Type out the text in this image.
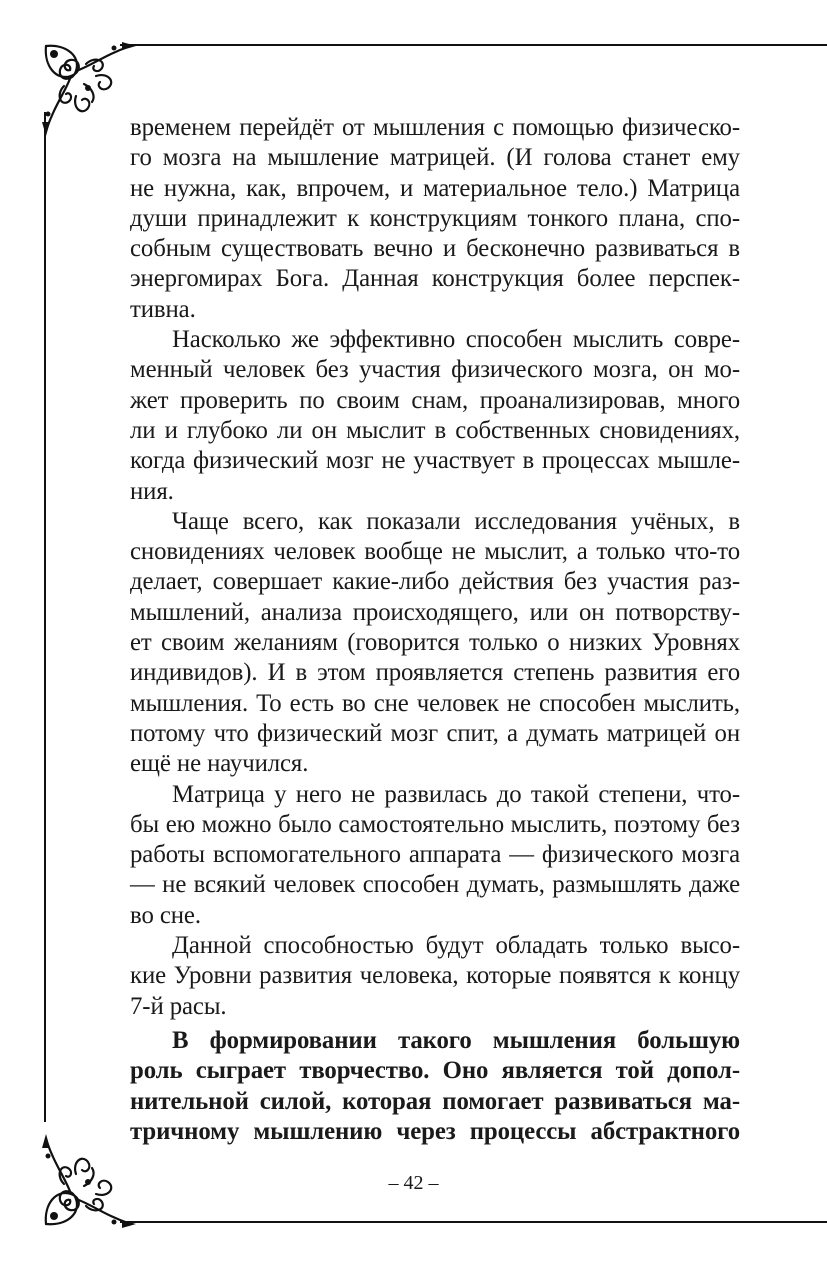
временем перейдёт от мышления с помощью физическо-
го мозга на мышление матрицей. (И голова станет ему
не нужна, как, впрочем, и материальное тело.) Матрица
души принадлежит к конструкциям тонкого плана, спо-
собным существовать вечно и бесконечно развиваться в
энергомирах Бога. Данная конструкция более перспек-
тивна.

Насколько же эффективно способен мыслить совре-
менный человек без участия физического мозга, он мо-
жет проверить по своим снам, проанализировав, много
ли и глубоко ли он мыслит в собственных сновидениях,
когда физический мозг не участвует в процессах мышле-
ния.

Чаще всего, как показали исследования учёных, в
сновидениях человек вообще не мыслит, а только что-то
делает, совершает какие-либо действия без участия раз-
мышлений, анализа происходящего, или он потворству-
ет своим желаниям (говорится только о низких Уровнях
индивидов). И в этом проявляется степень развития его
мышления. То есть во сне человек не способен мыслить,
потому что физический мозг спит, а думать матрицей он
ещё не научился.

Матрица у него не развилась до такой степени, что-
бы ею можно было самостоятельно мыслить, поэтому без
работы вспомогательного аппарата — физического мозга
— не всякий человек способен думать, размышлять даже
во сне.

Данной способностью будут обладать только высо-
кие Уровни развития человека, которые появятся к концу
7-й расы.

В формировании такого мышления большую
роль сыграет творчество. Оно является той допол-
нительной силой, которая помогает развиваться ма-
тричному мышлению через процессы абстрактного

– 42 –
